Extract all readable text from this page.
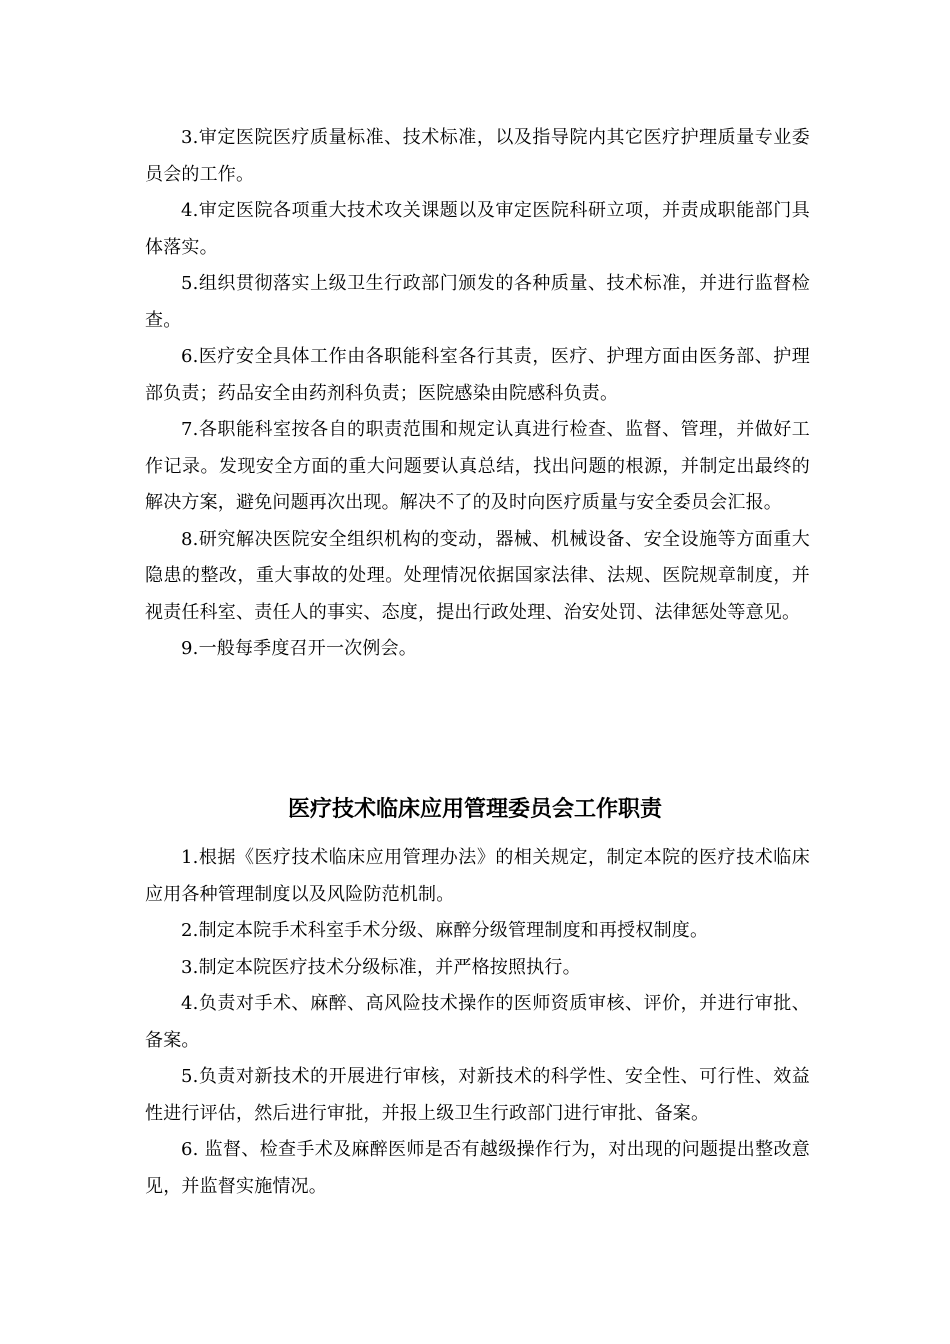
3.审定医院医疗质量标准、技术标准，以及指导院内其它医疗护理质量专业委员会的工作。

4.审定医院各项重大技术攻关课题以及审定医院科研立项，并责成职能部门具体落实。

5.组织贯彻落实上级卫生行政部门颁发的各种质量、技术标准，并进行监督检查。

6.医疗安全具体工作由各职能科室各行其责，医疗、护理方面由医务部、护理部负责；药品安全由药剂科负责；医院感染由院感科负责。

7.各职能科室按各自的职责范围和规定认真进行检查、监督、管理，并做好工作记录。发现安全方面的重大问题要认真总结，找出问题的根源，并制定出最终的解决方案，避免问题再次出现。解决不了的及时向医疗质量与安全委员会汇报。

8.研究解决医院安全组织机构的变动，器械、机械设备、安全设施等方面重大隐患的整改，重大事故的处理。处理情况依据国家法律、法规、医院规章制度，并视责任科室、责任人的事实、态度，提出行政处理、治安处罚、法律惩处等意见。

9.一般每季度召开一次例会。

医疗技术临床应用管理委员会工作职责

1.根据《医疗技术临床应用管理办法》的相关规定，制定本院的医疗技术临床应用各种管理制度以及风险防范机制。

2.制定本院手术科室手术分级、麻醉分级管理制度和再授权制度。

3.制定本院医疗技术分级标准，并严格按照执行。

4.负责对手术、麻醉、高风险技术操作的医师资质审核、评价，并进行审批、备案。

5.负责对新技术的开展进行审核，对新技术的科学性、安全性、可行性、效益性进行评估，然后进行审批，并报上级卫生行政部门进行审批、备案。

6. 监督、检查手术及麻醉医师是否有越级操作行为，对出现的问题提出整改意见，并监督实施情况。
